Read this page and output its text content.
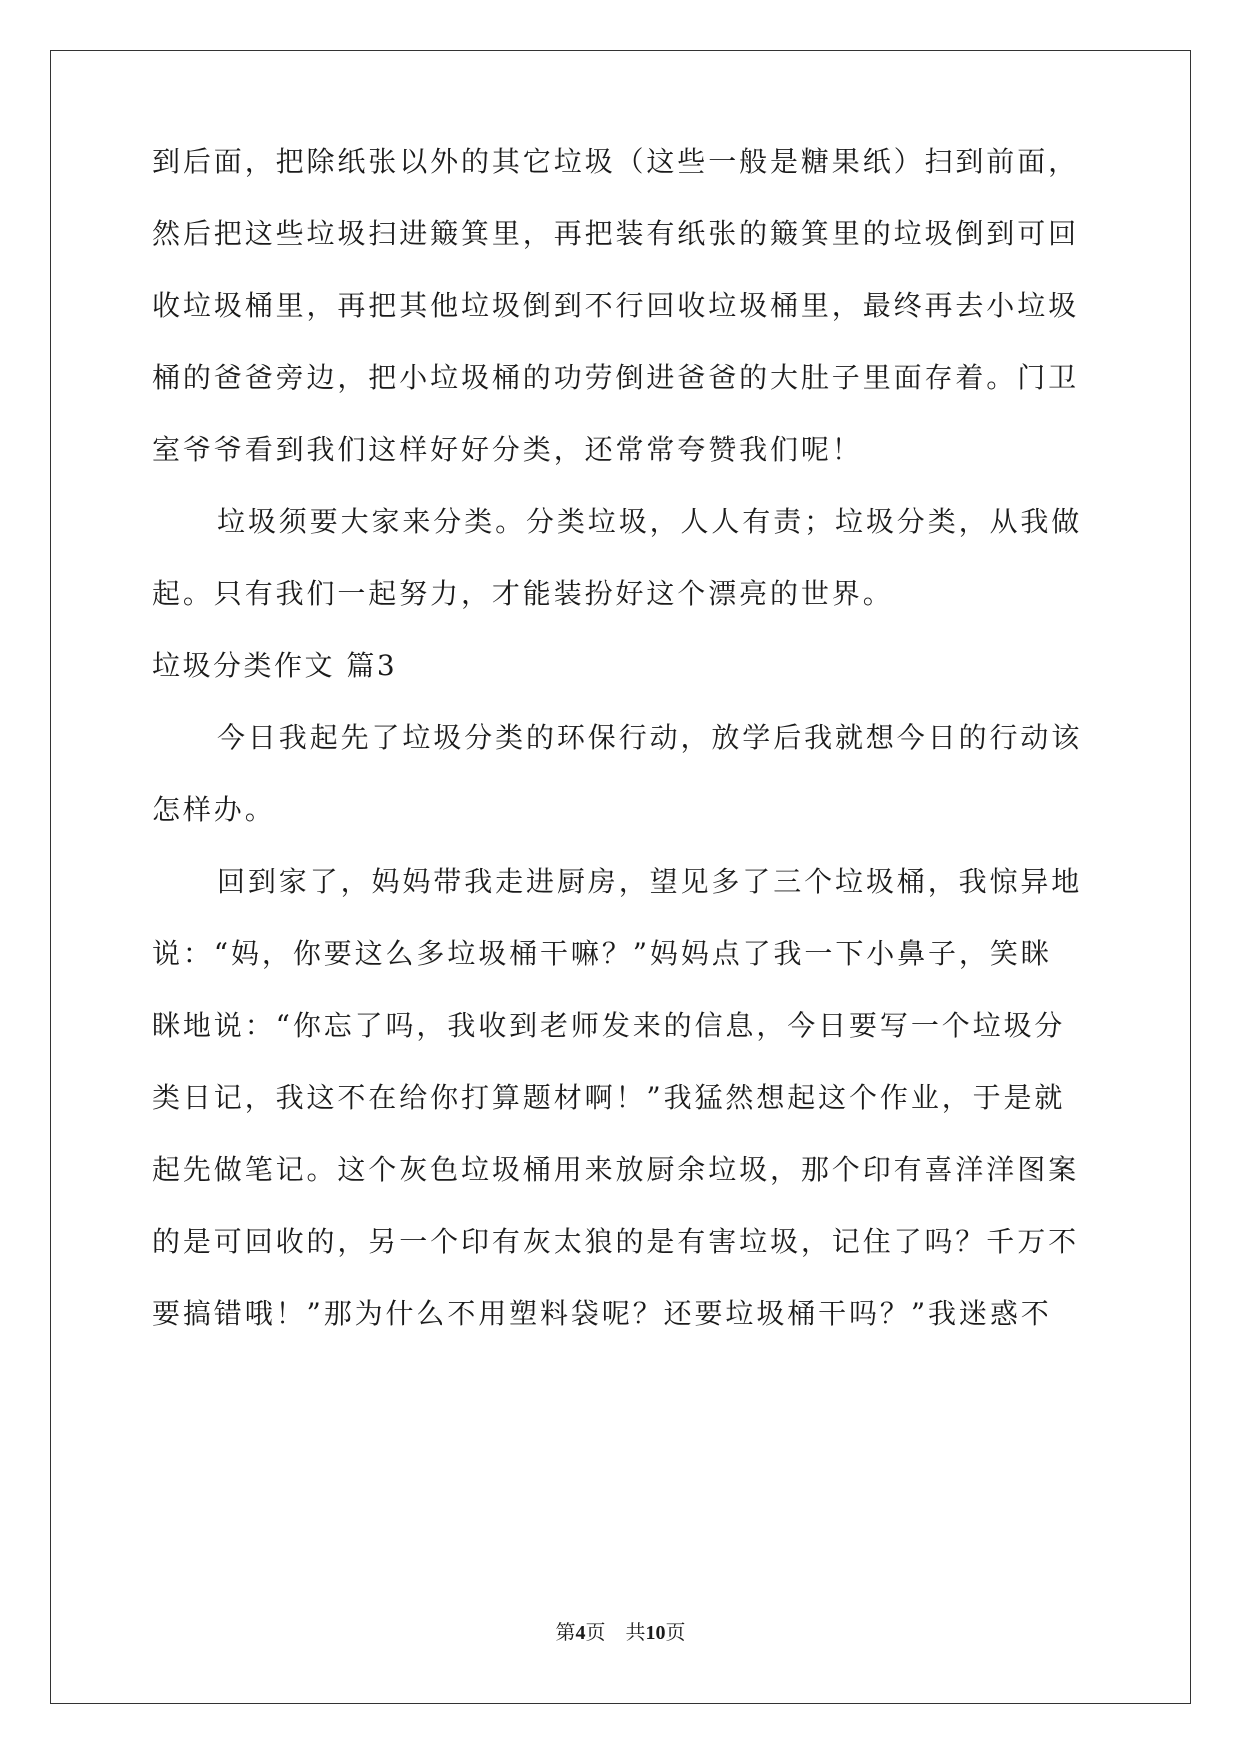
到后面，把除纸张以外的其它垃圾（这些一般是糖果纸）扫到前面，
然后把这些垃圾扫进簸箕里，再把装有纸张的簸箕里的垃圾倒到可回
收垃圾桶里，再把其他垃圾倒到不行回收垃圾桶里，最终再去小垃圾
桶的爸爸旁边，把小垃圾桶的功劳倒进爸爸的大肚子里面存着。门卫
室爷爷看到我们这样好好分类，还常常夸赞我们呢！
垃圾须要大家来分类。分类垃圾，人人有责；垃圾分类，从我做
起。只有我们一起努力，才能装扮好这个漂亮的世界。
垃圾分类作文 篇3
今日我起先了垃圾分类的环保行动，放学后我就想今日的行动该
怎样办。
回到家了，妈妈带我走进厨房，望见多了三个垃圾桶，我惊异地
说：“妈，你要这么多垃圾桶干嘛？”妈妈点了我一下小鼻子，笑眯
眯地说：“你忘了吗，我收到老师发来的信息，今日要写一个垃圾分
类日记，我这不在给你打算题材啊！”我猛然想起这个作业，于是就
起先做笔记。这个灰色垃圾桶用来放厨余垃圾，那个印有喜洋洋图案
的是可回收的，另一个印有灰太狼的是有害垃圾，记住了吗？千万不
要搞错哦！”那为什么不用塑料袋呢？还要垃圾桶干吗？”我迷惑不
第4页 共10页
